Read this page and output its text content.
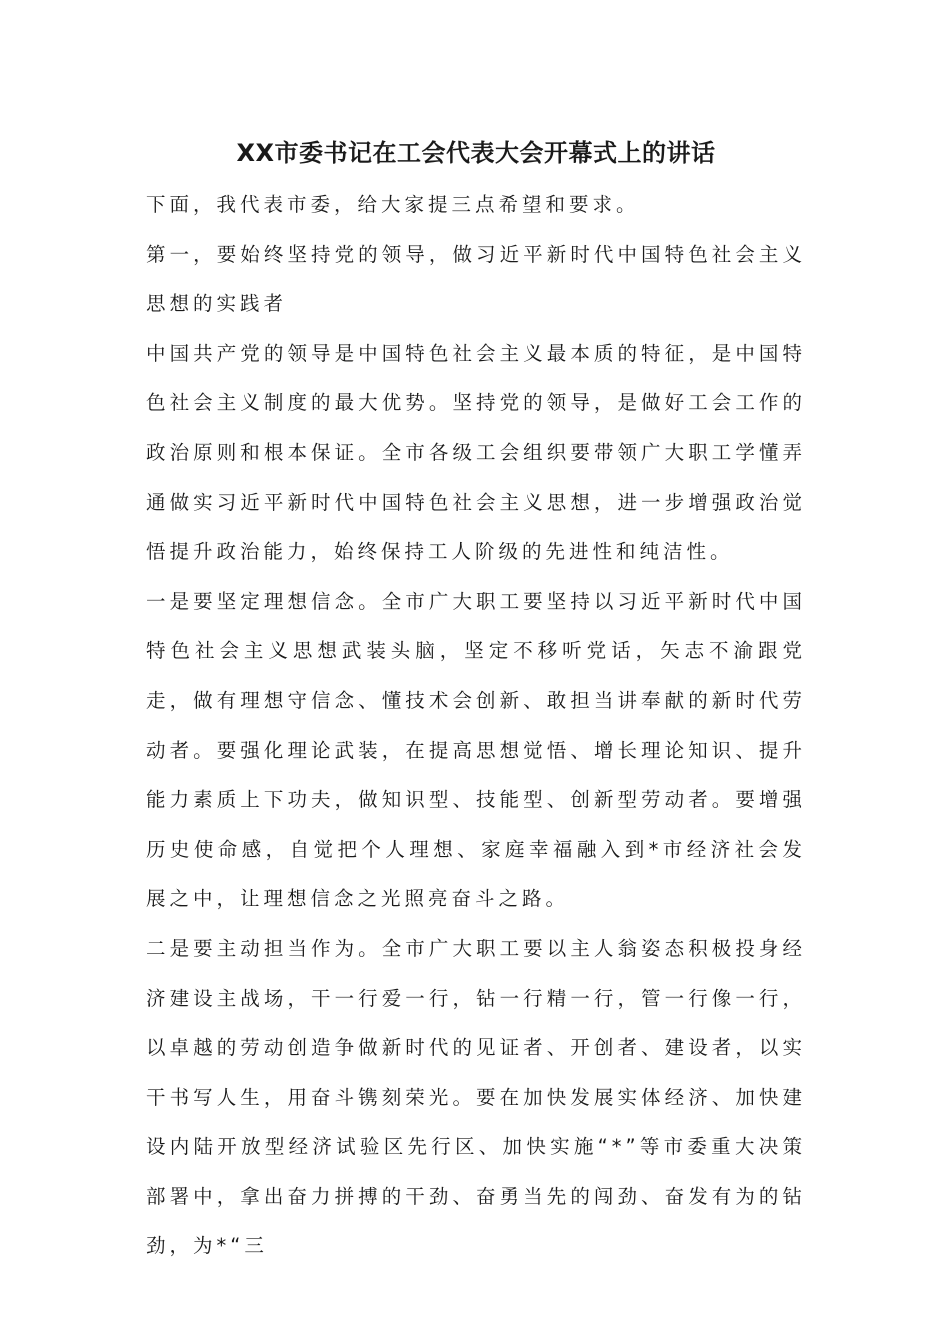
XX市委书记在工会代表大会开幕式上的讲话

下面，我代表市委，给大家提三点希望和要求。

第一，要始终坚持党的领导，做习近平新时代中国特色社会主义思想的实践者

中国共产党的领导是中国特色社会主义最本质的特征，是中国特色社会主义制度的最大优势。坚持党的领导，是做好工会工作的政治原则和根本保证。全市各级工会组织要带领广大职工学懂弄通做实习近平新时代中国特色社会主义思想，进一步增强政治觉悟提升政治能力，始终保持工人阶级的先进性和纯洁性。

一是要坚定理想信念。全市广大职工要坚持以习近平新时代中国特色社会主义思想武装头脑，坚定不移听党话，矢志不渝跟党走，做有理想守信念、懂技术会创新、敢担当讲奉献的新时代劳动者。要强化理论武装，在提高思想觉悟、增长理论知识、提升能力素质上下功夫，做知识型、技能型、创新型劳动者。要增强历史使命感，自觉把个人理想、家庭幸福融入到*市经济社会发展之中，让理想信念之光照亮奋斗之路。

二是要主动担当作为。全市广大职工要以主人翁姿态积极投身经济建设主战场，干一行爱一行，钻一行精一行，管一行像一行，以卓越的劳动创造争做新时代的见证者、开创者、建设者，以实干书写人生，用奋斗镌刻荣光。要在加快发展实体经济、加快建设内陆开放型经济试验区先行区、加快实施“*”等市委重大决策部署中，拿出奋力拼搏的干劲、奋勇当先的闯劲、奋发有为的钻劲，为*“三
